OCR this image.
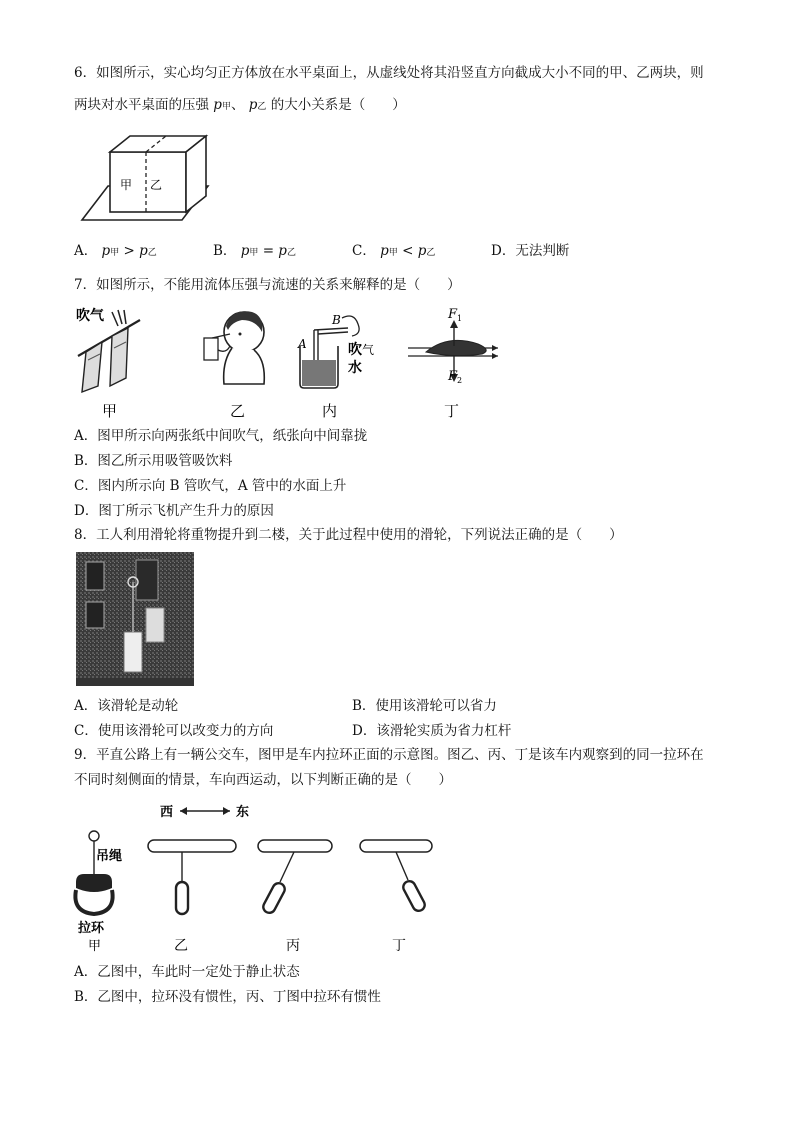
6．如图所示，实心均匀正方体放在水平桌面上，从虚线处将其沿竖直方向截成大小不同的甲、乙两块，则
两块对水平桌面的压强 p甲、 p乙 的大小关系是（　　）
甲 乙
A． p甲 > p乙	B． p甲 = p乙	C． p甲 < p乙	D．无法判断
7．如图所示，不能用流体压强与流速的关系来解释的是（　　）
吹气
甲	乙
A
B
吹 气
水
内
F 1
F 2
丁
A．图甲所示向两张纸中间吹气，纸张向中间靠拢
B．图乙所示用吸管吸饮料
C．图内所示向 B 管吹气，A 管中的水面上升
D．图丁所示飞机产生升力的原因
8．工人利用滑轮将重物提升到二楼，关于此过程中使用的滑轮，下列说法正确的是（　　）
A．该滑轮是动轮	B．使用该滑轮可以省力
C．使用该滑轮可以改变力的方向	D．该滑轮实质为省力杠杆
9．平直公路上有一辆公交车，图甲是车内拉环正面的示意图。图乙、丙、丁是该车内观察到的同一拉环在
不同时刻侧面的情景，车向西运动，以下判断正确的是（　　）
西	东
吊绳
拉环
甲	乙	丙	丁
A．乙图中，车此时一定处于静止状态
B．乙图中，拉环没有惯性，丙、丁图中拉环有惯性
